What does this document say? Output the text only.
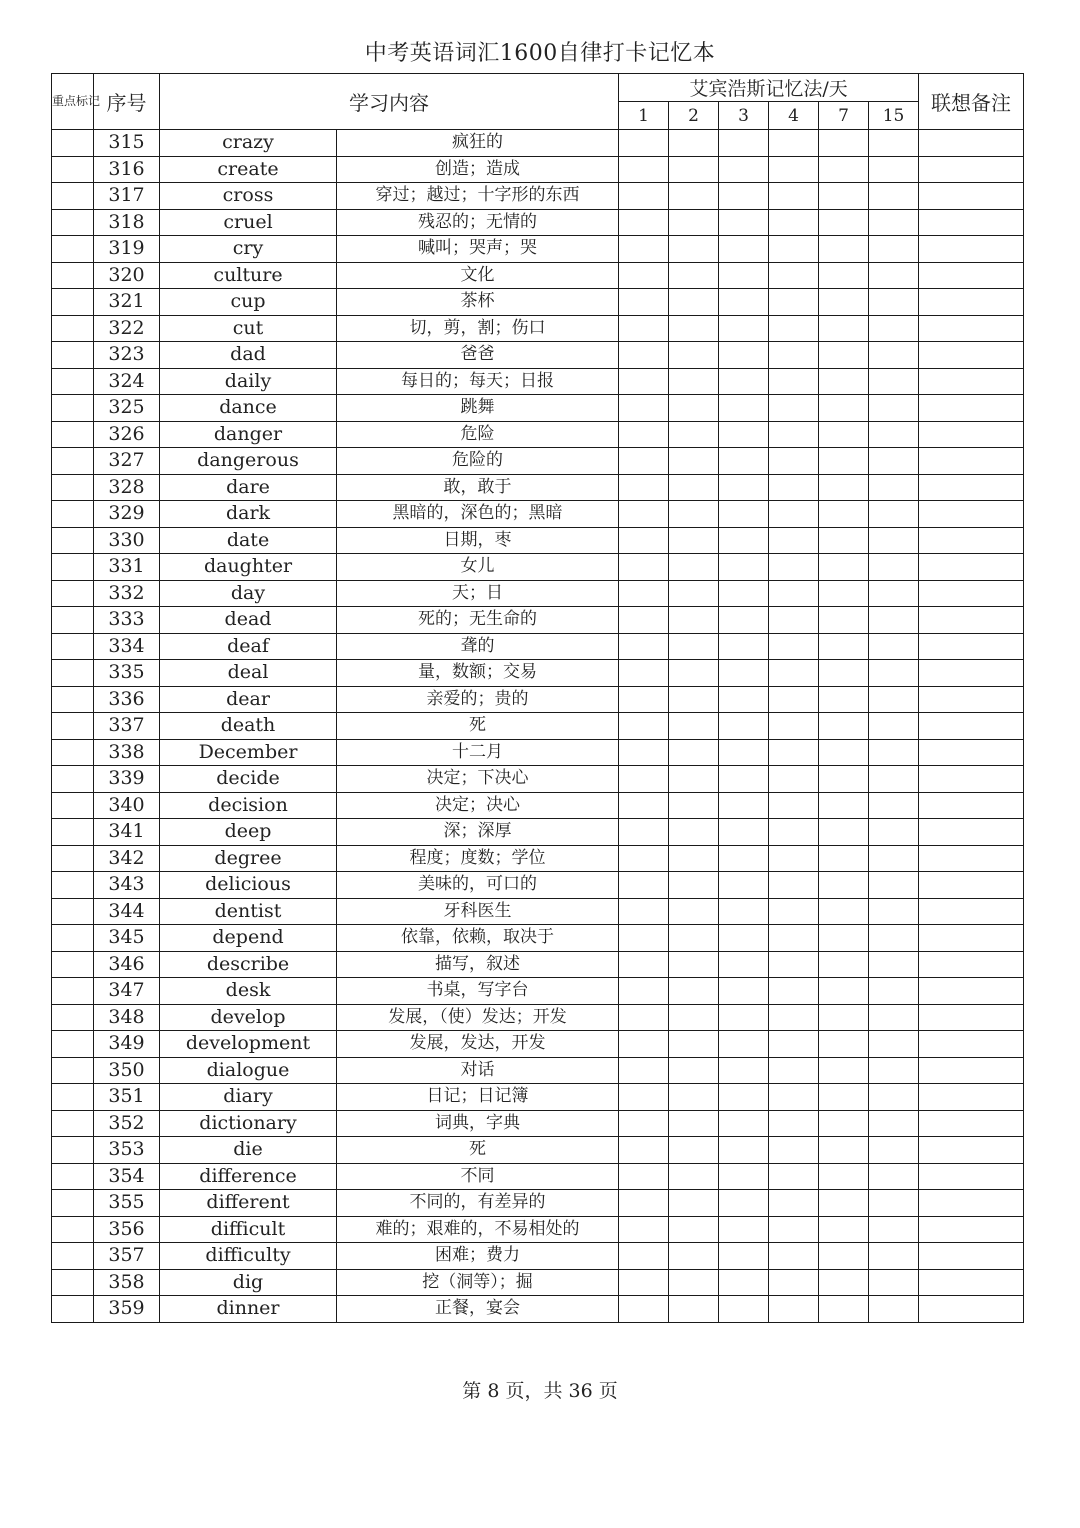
中考英语词汇1600自律打卡记忆本
重点标记	序号	学习内容		艾宾浩斯记忆法/天						联想备注
				1	2	3	4	7	15	
	315	crazy	疯狂的							
	316	create	创造；造成							
	317	cross	穿过；越过；十字形的东西							
	318	cruel	残忍的；无情的							
	319	cry	喊叫；哭声；哭							
	320	culture	文化							
	321	cup	茶杯							
	322	cut	切，剪，割；伤口							
	323	dad	爸爸							
	324	daily	每日的；每天；日报							
	325	dance	跳舞							
	326	danger	危险							
	327	dangerous	危险的							
	328	dare	敢，敢于							
	329	dark	黑暗的，深色的；黑暗							
	330	date	日期，枣							
	331	daughter	女儿							
	332	day	天；日							
	333	dead	死的；无生命的							
	334	deaf	聋的							
	335	deal	量，数额；交易							
	336	dear	亲爱的；贵的							
	337	death	死							
	338	December	十二月							
	339	decide	决定；下决心							
	340	decision	决定；决心							
	341	deep	深；深厚							
	342	degree	程度；度数；学位							
	343	delicious	美味的，可口的							
	344	dentist	牙科医生							
	345	depend	依靠，依赖，取决于							
	346	describe	描写，叙述							
	347	desk	书桌，写字台							
	348	develop	发展，（使）发达；开发							
	349	development	发展，发达，开发							
	350	dialogue	对话							
	351	diary	日记；日记簿							
	352	dictionary	词典，字典							
	353	die	死							
	354	difference	不同							
	355	different	不同的，有差异的							
	356	difficult	难的；艰难的，不易相处的							
	357	difficulty	困难；费力							
	358	dig	挖（洞等）；掘							
	359	dinner	正餐，宴会							
第 8 页，共 36 页
